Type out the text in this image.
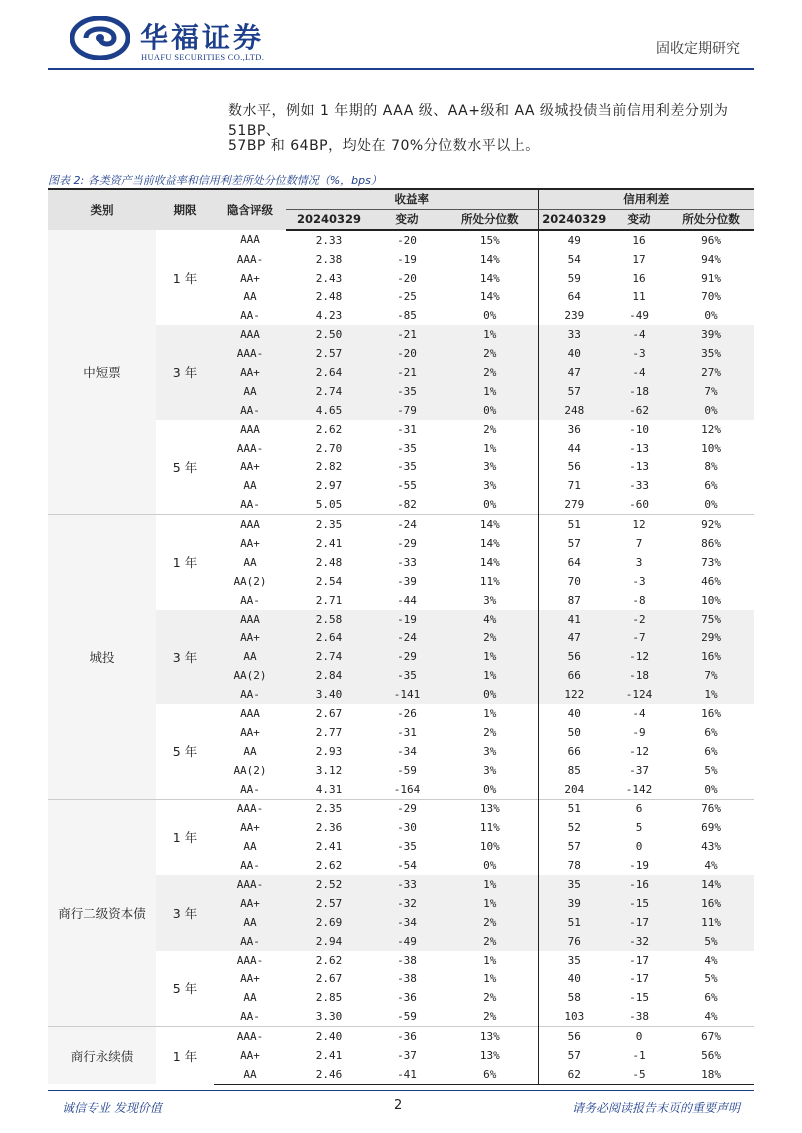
华福证券
HUAFU SECURITIES CO.,LTD.	固收定期研究
数水平，例如 1 年期的 AAA 级、AA+级和 AA 级城投债当前信用利差分别为 51BP、
57BP 和 64BP，均处在 70%分位数水平以上。
图表 2: 各类资产当前收益率和信用利差所处分位数情况（%，bps）
类别	期限	隐含评级	收益率			信用利差		
			20240329	变动	所处分位数	20240329	变动	所处分位数
中短票	1 年	AAA	2.33	-20	15%	49	16	96%
		AAA-	2.38	-19	14%	54	17	94%
		AA+	2.43	-20	14%	59	16	91%
		AA	2.48	-25	14%	64	11	70%
		AA-	4.23	-85	0%	239	-49	0%
	3 年	AAA	2.50	-21	1%	33	-4	39%
		AAA-	2.57	-20	2%	40	-3	35%
		AA+	2.64	-21	2%	47	-4	27%
		AA	2.74	-35	1%	57	-18	7%
		AA-	4.65	-79	0%	248	-62	0%
	5 年	AAA	2.62	-31	2%	36	-10	12%
		AAA-	2.70	-35	1%	44	-13	10%
		AA+	2.82	-35	3%	56	-13	8%
		AA	2.97	-55	3%	71	-33	6%
		AA-	5.05	-82	0%	279	-60	0%
城投	1 年	AAA	2.35	-24	14%	51	12	92%
		AA+	2.41	-29	14%	57	7	86%
		AA	2.48	-33	14%	64	3	73%
		AA(2)	2.54	-39	11%	70	-3	46%
		AA-	2.71	-44	3%	87	-8	10%
	3 年	AAA	2.58	-19	4%	41	-2	75%
		AA+	2.64	-24	2%	47	-7	29%
		AA	2.74	-29	1%	56	-12	16%
		AA(2)	2.84	-35	1%	66	-18	7%
		AA-	3.40	-141	0%	122	-124	1%
	5 年	AAA	2.67	-26	1%	40	-4	16%
		AA+	2.77	-31	2%	50	-9	6%
		AA	2.93	-34	3%	66	-12	6%
		AA(2)	3.12	-59	3%	85	-37	5%
		AA-	4.31	-164	0%	204	-142	0%
商行二级资本债	1 年	AAA-	2.35	-29	13%	51	6	76%
		AA+	2.36	-30	11%	52	5	69%
		AA	2.41	-35	10%	57	0	43%
		AA-	2.62	-54	0%	78	-19	4%
	3 年	AAA-	2.52	-33	1%	35	-16	14%
		AA+	2.57	-32	1%	39	-15	16%
		AA	2.69	-34	2%	51	-17	11%
		AA-	2.94	-49	2%	76	-32	5%
	5 年	AAA-	2.62	-38	1%	35	-17	4%
		AA+	2.67	-38	1%	40	-17	5%
		AA	2.85	-36	2%	58	-15	6%
		AA-	3.30	-59	2%	103	-38	4%
商行永续债	1 年	AAA-	2.40	-36	13%	56	0	67%
		AA+	2.41	-37	13%	57	-1	56%
		AA	2.46	-41	6%	62	-5	18%
诚信专业 发现价值	2	请务必阅读报告末页的重要声明
